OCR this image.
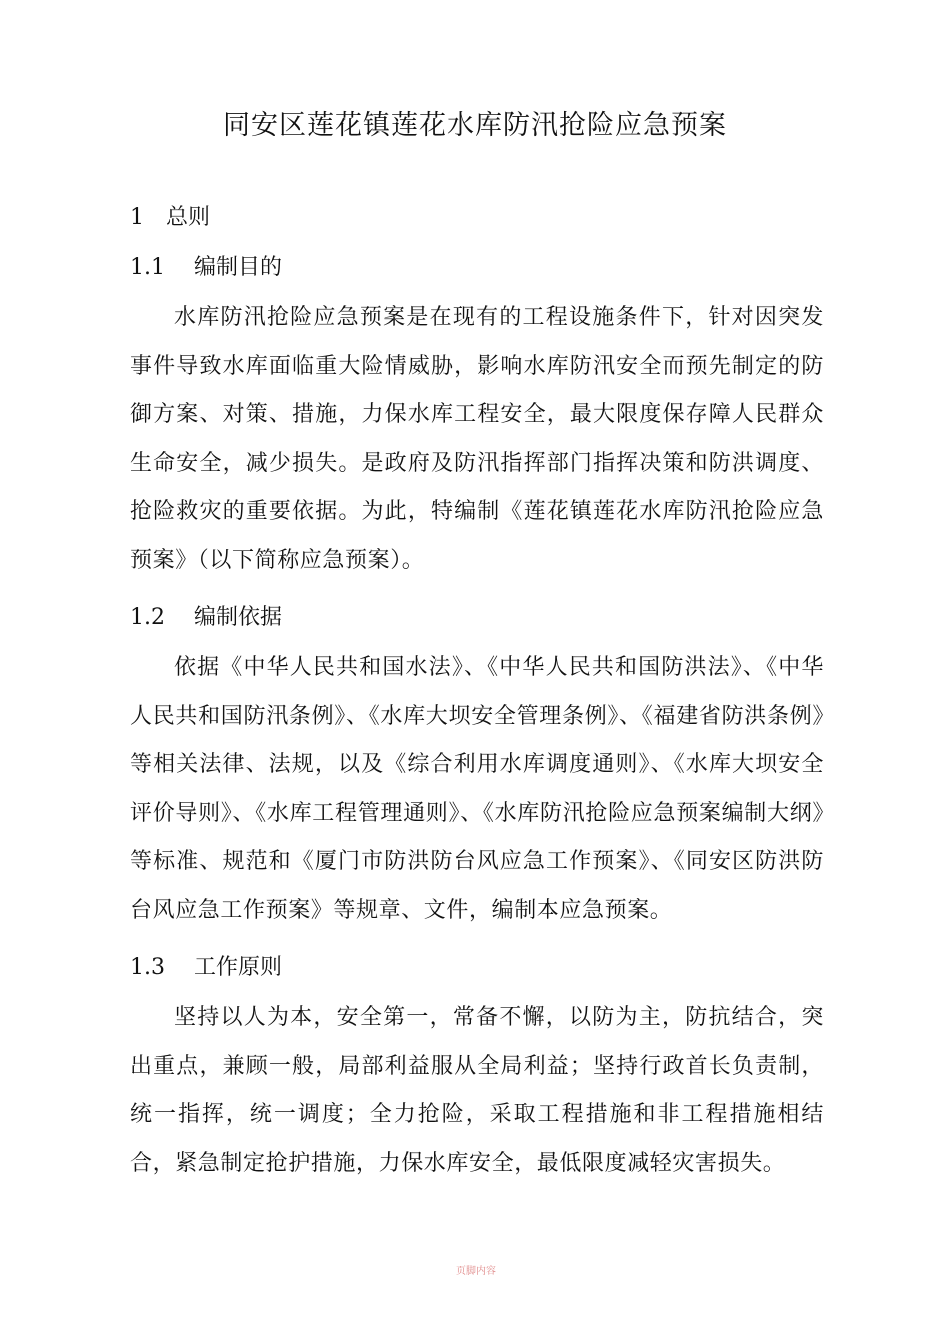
同安区莲花镇莲花水库防汛抢险应急预案

1　总则

1.1　 编制目的

水库防汛抢险应急预案是在现有的工程设施条件下，针对因突发事件导致水库面临重大险情威胁，影响水库防汛安全而预先制定的防御方案、对策、措施，力保水库工程安全，最大限度保存障人民群众生命安全，减少损失。是政府及防汛指挥部门指挥决策和防洪调度、抢险救灾的重要依据。为此，特编制《莲花镇莲花水库防汛抢险应急预案》（以下简称应急预案）。

1.2　 编制依据

依据《中华人民共和国水法》、《中华人民共和国防洪法》、《中华人民共和国防汛条例》、《水库大坝安全管理条例》、《福建省防洪条例》等相关法律、法规，以及《综合利用水库调度通则》、《水库大坝安全评价导则》、《水库工程管理通则》、《水库防汛抢险应急预案编制大纲》等标准、规范和《厦门市防洪防台风应急工作预案》、《同安区防洪防台风应急工作预案》等规章、文件，编制本应急预案。

1.3　 工作原则

坚持以人为本，安全第一，常备不懈，以防为主，防抗结合，突出重点，兼顾一般，局部利益服从全局利益；坚持行政首长负责制，统一指挥，统一调度；全力抢险，采取工程措施和非工程措施相结合，紧急制定抢护措施，力保水库安全，最低限度减轻灾害损失。

页脚内容
